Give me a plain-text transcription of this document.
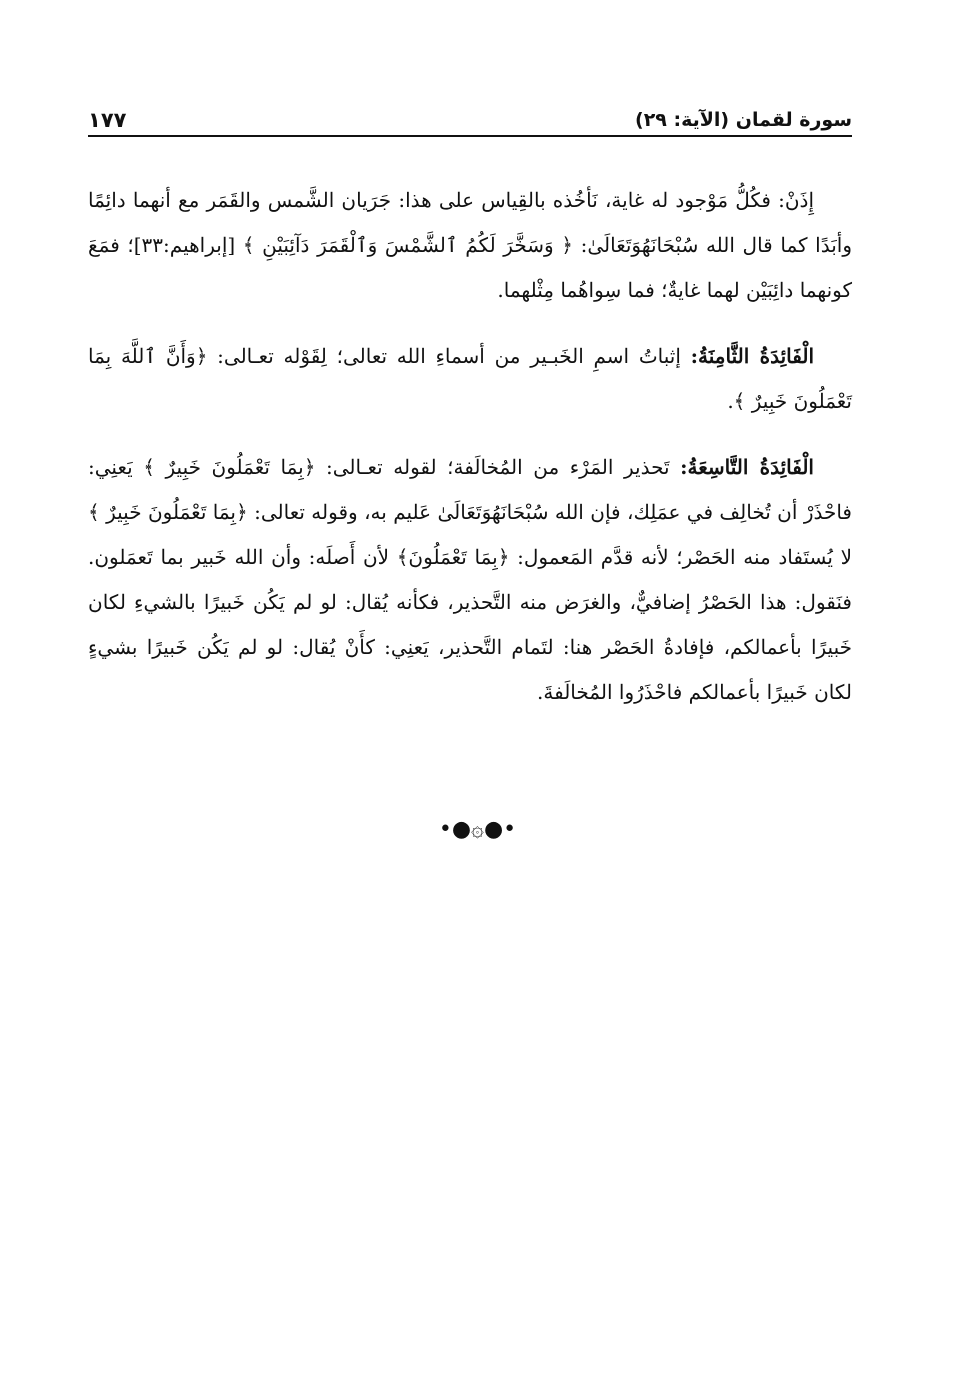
سورة لقمان (الآية: ٢٩)
١٧٧

إِذَنْ: فكُلُّ مَوْجود له غاية، نَأخُذه بالقِياس على هذا: جَرَيان الشَّمس والقَمَر مع أنهما دائِمًا وأبَدًا كما قال الله سُبْحَانَهُوَتَعَالَىٰ: ﴿ وَسَخَّرَ لَكُمُ ٱلشَّمْسَ وَٱلْقَمَرَ دَآئِبَيْنِ ﴾ [إبراهيم:٣٣]؛ فمَعَ كونهما دائِبَيْن لهما غايةٌ؛ فما سِواهُما مِثْلهما.

الْفَائِدَةُ الثَّامِنَةُ: إثباتُ اسمِ الخَبـير من أسماءِ الله تعالى؛ لِقَوْله تعـالى: ﴿وَأَنَّ ٱللَّهَ بِمَا تَعْمَلُونَ خَبِيرٌ ﴾.

الْفَائِدَةُ التَّاسِعَةُ: تَحذير المَرْء من المُخالَفة؛ لقوله تعـالى: ﴿بِمَا تَعْمَلُونَ خَبِيرٌ ﴾ يَعنِي: فاحْذَرْ أن تُخالِف في عمَلِك، فإن الله سُبْحَانَهُوَتَعَالَىٰ عَليم به، وقوله تعالى: ﴿بِمَا تَعْمَلُونَ خَبِيرٌ ﴾ لا يُستَفاد منه الحَصْر؛ لأنه قدَّم المَعمول: ﴿بِمَا تَعْمَلُونَ﴾ لأن أَصلَه: وأن الله خَبير بما تَعمَلون. فنَقول: هذا الحَصْرُ إضافيٌّ، والغرَض منه التَّحذير، فكأنه يُقال: لو لم يَكُن خَبيرًا بالشيءِ لكان خَبيرًا بأعمالكم، فإفادةُ الحَصْر هنا: لتَمام التَّحذير، يَعنِي: كأَنْ يُقال: لو لم يَكُن خَبيرًا بشيءٍ لكان خَبيرًا بأعمالكم فاحْذَرُوا المُخالَفةَ.

•●۞●•
